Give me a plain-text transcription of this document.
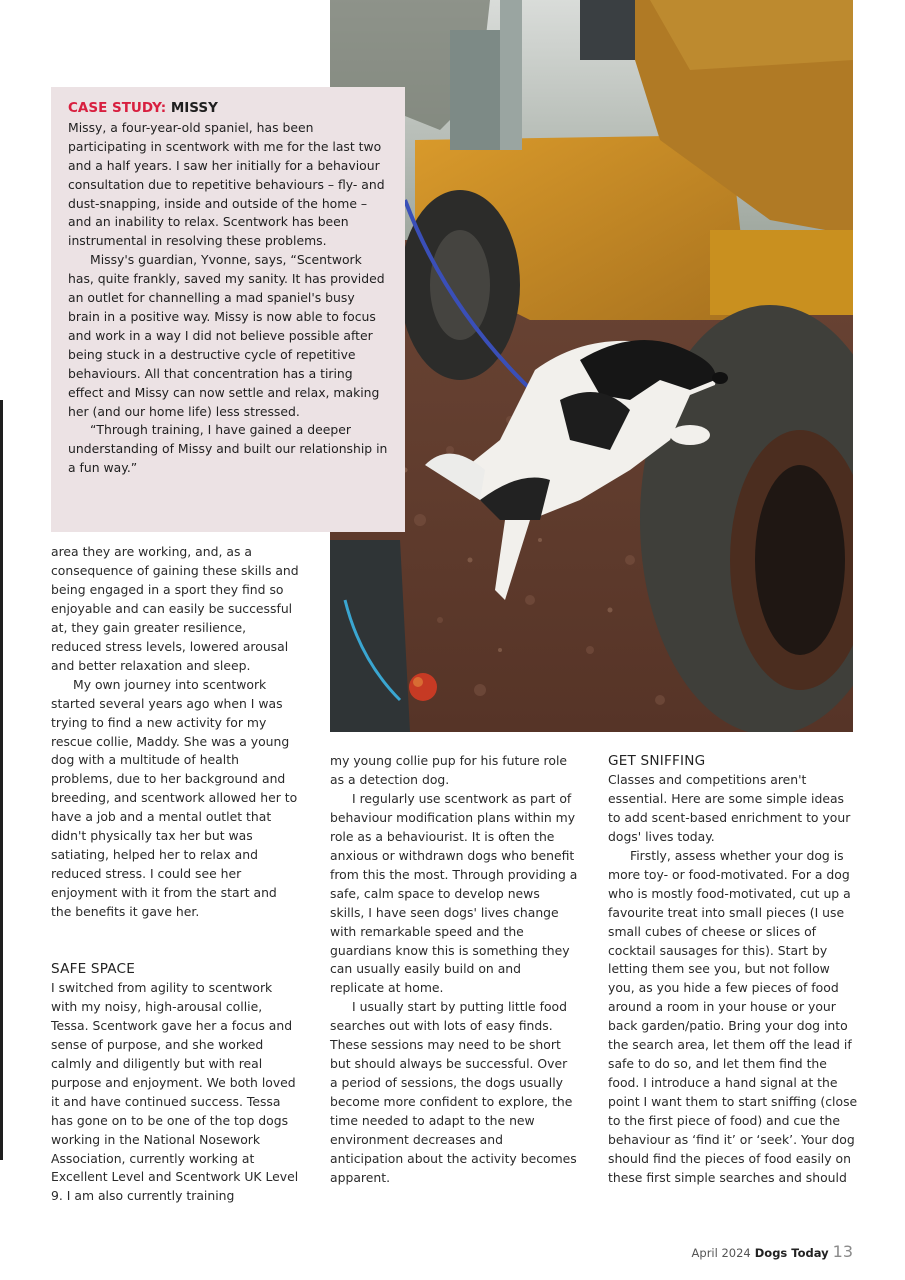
CASE STUDY: MISSY

Missy, a four-year-old spaniel, has been participating in scentwork with me for the last two and a half years. I saw her initially for a behaviour consultation due to repetitive behaviours – fly- and dust-snapping, inside and outside of the home – and an inability to relax. Scentwork has been instrumental in resolving these problems.

Missy's guardian, Yvonne, says, “Scentwork has, quite frankly, saved my sanity. It has provided an outlet for channelling a mad spaniel's busy brain in a positive way. Missy is now able to focus and work in a way I did not believe possible after being stuck in a destructive cycle of repetitive behaviours. All that concentration has a tiring effect and Missy can now settle and relax, making her (and our home life) less stressed.

“Through training, I have gained a deeper understanding of Missy and built our relationship in a fun way.”

area they are working, and, as a consequence of gaining these skills and being engaged in a sport they find so enjoyable and can easily be successful at, they gain greater resilience, reduced stress levels, lowered arousal and better relaxation and sleep.

My own journey into scentwork started several years ago when I was trying to find a new activity for my rescue collie, Maddy. She was a young dog with a multitude of health problems, due to her background and breeding, and scentwork allowed her to have a job and a mental outlet that didn't physically tax her but was satiating, helped her to relax and reduced stress. I could see her enjoyment with it from the start and the benefits it gave her.

SAFE SPACE

I switched from agility to scentwork with my noisy, high-arousal collie, Tessa. Scentwork gave her a focus and sense of purpose, and she worked calmly and diligently but with real purpose and enjoyment. We both loved it and have continued success. Tessa has gone on to be one of the top dogs working in the National Nosework Association, currently working at Excellent Level and Scentwork UK Level 9. I am also currently training

my young collie pup for his future role as a detection dog.

I regularly use scentwork as part of behaviour modification plans within my role as a behaviourist. It is often the anxious or withdrawn dogs who benefit from this the most. Through providing a safe, calm space to develop news skills, I have seen dogs' lives change with remarkable speed and the guardians know this is something they can usually easily build on and replicate at home.

I usually start by putting little food searches out with lots of easy finds. These sessions may need to be short but should always be successful. Over a period of sessions, the dogs usually become more confident to explore, the time needed to adapt to the new environment decreases and anticipation about the activity becomes apparent.

GET SNIFFING

Classes and competitions aren't essential. Here are some simple ideas to add scent-based enrichment to your dogs' lives today.

Firstly, assess whether your dog is more toy- or food-motivated. For a dog who is mostly food-motivated, cut up a favourite treat into small pieces (I use small cubes of cheese or slices of cocktail sausages for this). Start by letting them see you, but not follow you, as you hide a few pieces of food around a room in your house or your back garden/patio. Bring your dog into the search area, let them off the lead if safe to do so, and let them find the food. I introduce a hand signal at the point I want them to start sniffing (close to the first piece of food) and cue the behaviour as ‘find it’ or ‘seek’. Your dog should find the pieces of food easily on these first simple searches and should

April 2024 Dogs Today 13
